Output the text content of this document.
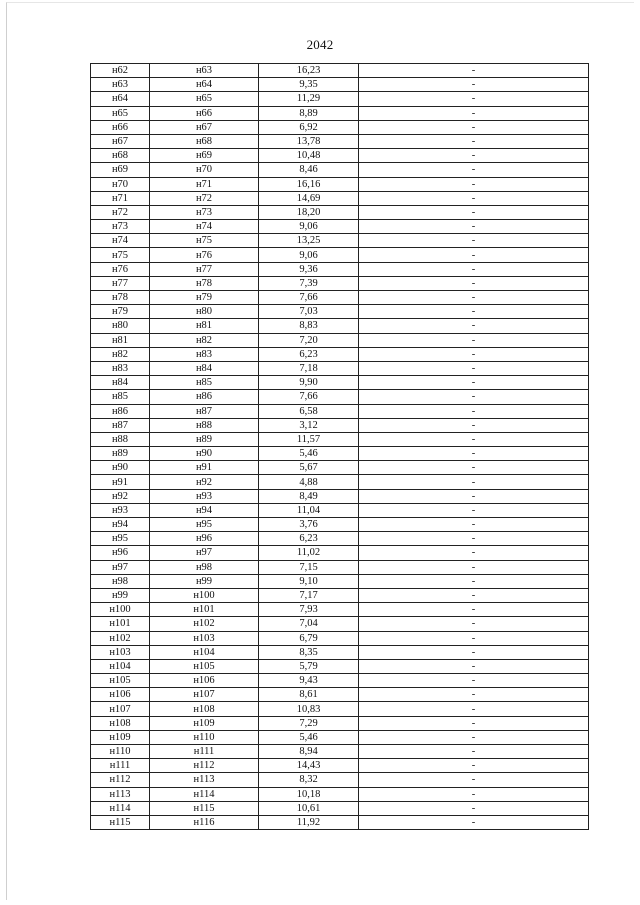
2042
н62	н63	16,23	-
н63	н64	9,35	-
н64	н65	11,29	-
н65	н66	8,89	-
н66	н67	6,92	-
н67	н68	13,78	-
н68	н69	10,48	-
н69	н70	8,46	-
н70	н71	16,16	-
н71	н72	14,69	-
н72	н73	18,20	-
н73	н74	9,06	-
н74	н75	13,25	-
н75	н76	9,06	-
н76	н77	9,36	-
н77	н78	7,39	-
н78	н79	7,66	-
н79	н80	7,03	-
н80	н81	8,83	-
н81	н82	7,20	-
н82	н83	6,23	-
н83	н84	7,18	-
н84	н85	9,90	-
н85	н86	7,66	-
н86	н87	6,58	-
н87	н88	3,12	-
н88	н89	11,57	-
н89	н90	5,46	-
н90	н91	5,67	-
н91	н92	4,88	-
н92	н93	8,49	-
н93	н94	11,04	-
н94	н95	3,76	-
н95	н96	6,23	-
н96	н97	11,02	-
н97	н98	7,15	-
н98	н99	9,10	-
н99	н100	7,17	-
н100	н101	7,93	-
н101	н102	7,04	-
н102	н103	6,79	-
н103	н104	8,35	-
н104	н105	5,79	-
н105	н106	9,43	-
н106	н107	8,61	-
н107	н108	10,83	-
н108	н109	7,29	-
н109	н110	5,46	-
н110	н111	8,94	-
н111	н112	14,43	-
н112	н113	8,32	-
н113	н114	10,18	-
н114	н115	10,61	-
н115	н116	11,92	-
